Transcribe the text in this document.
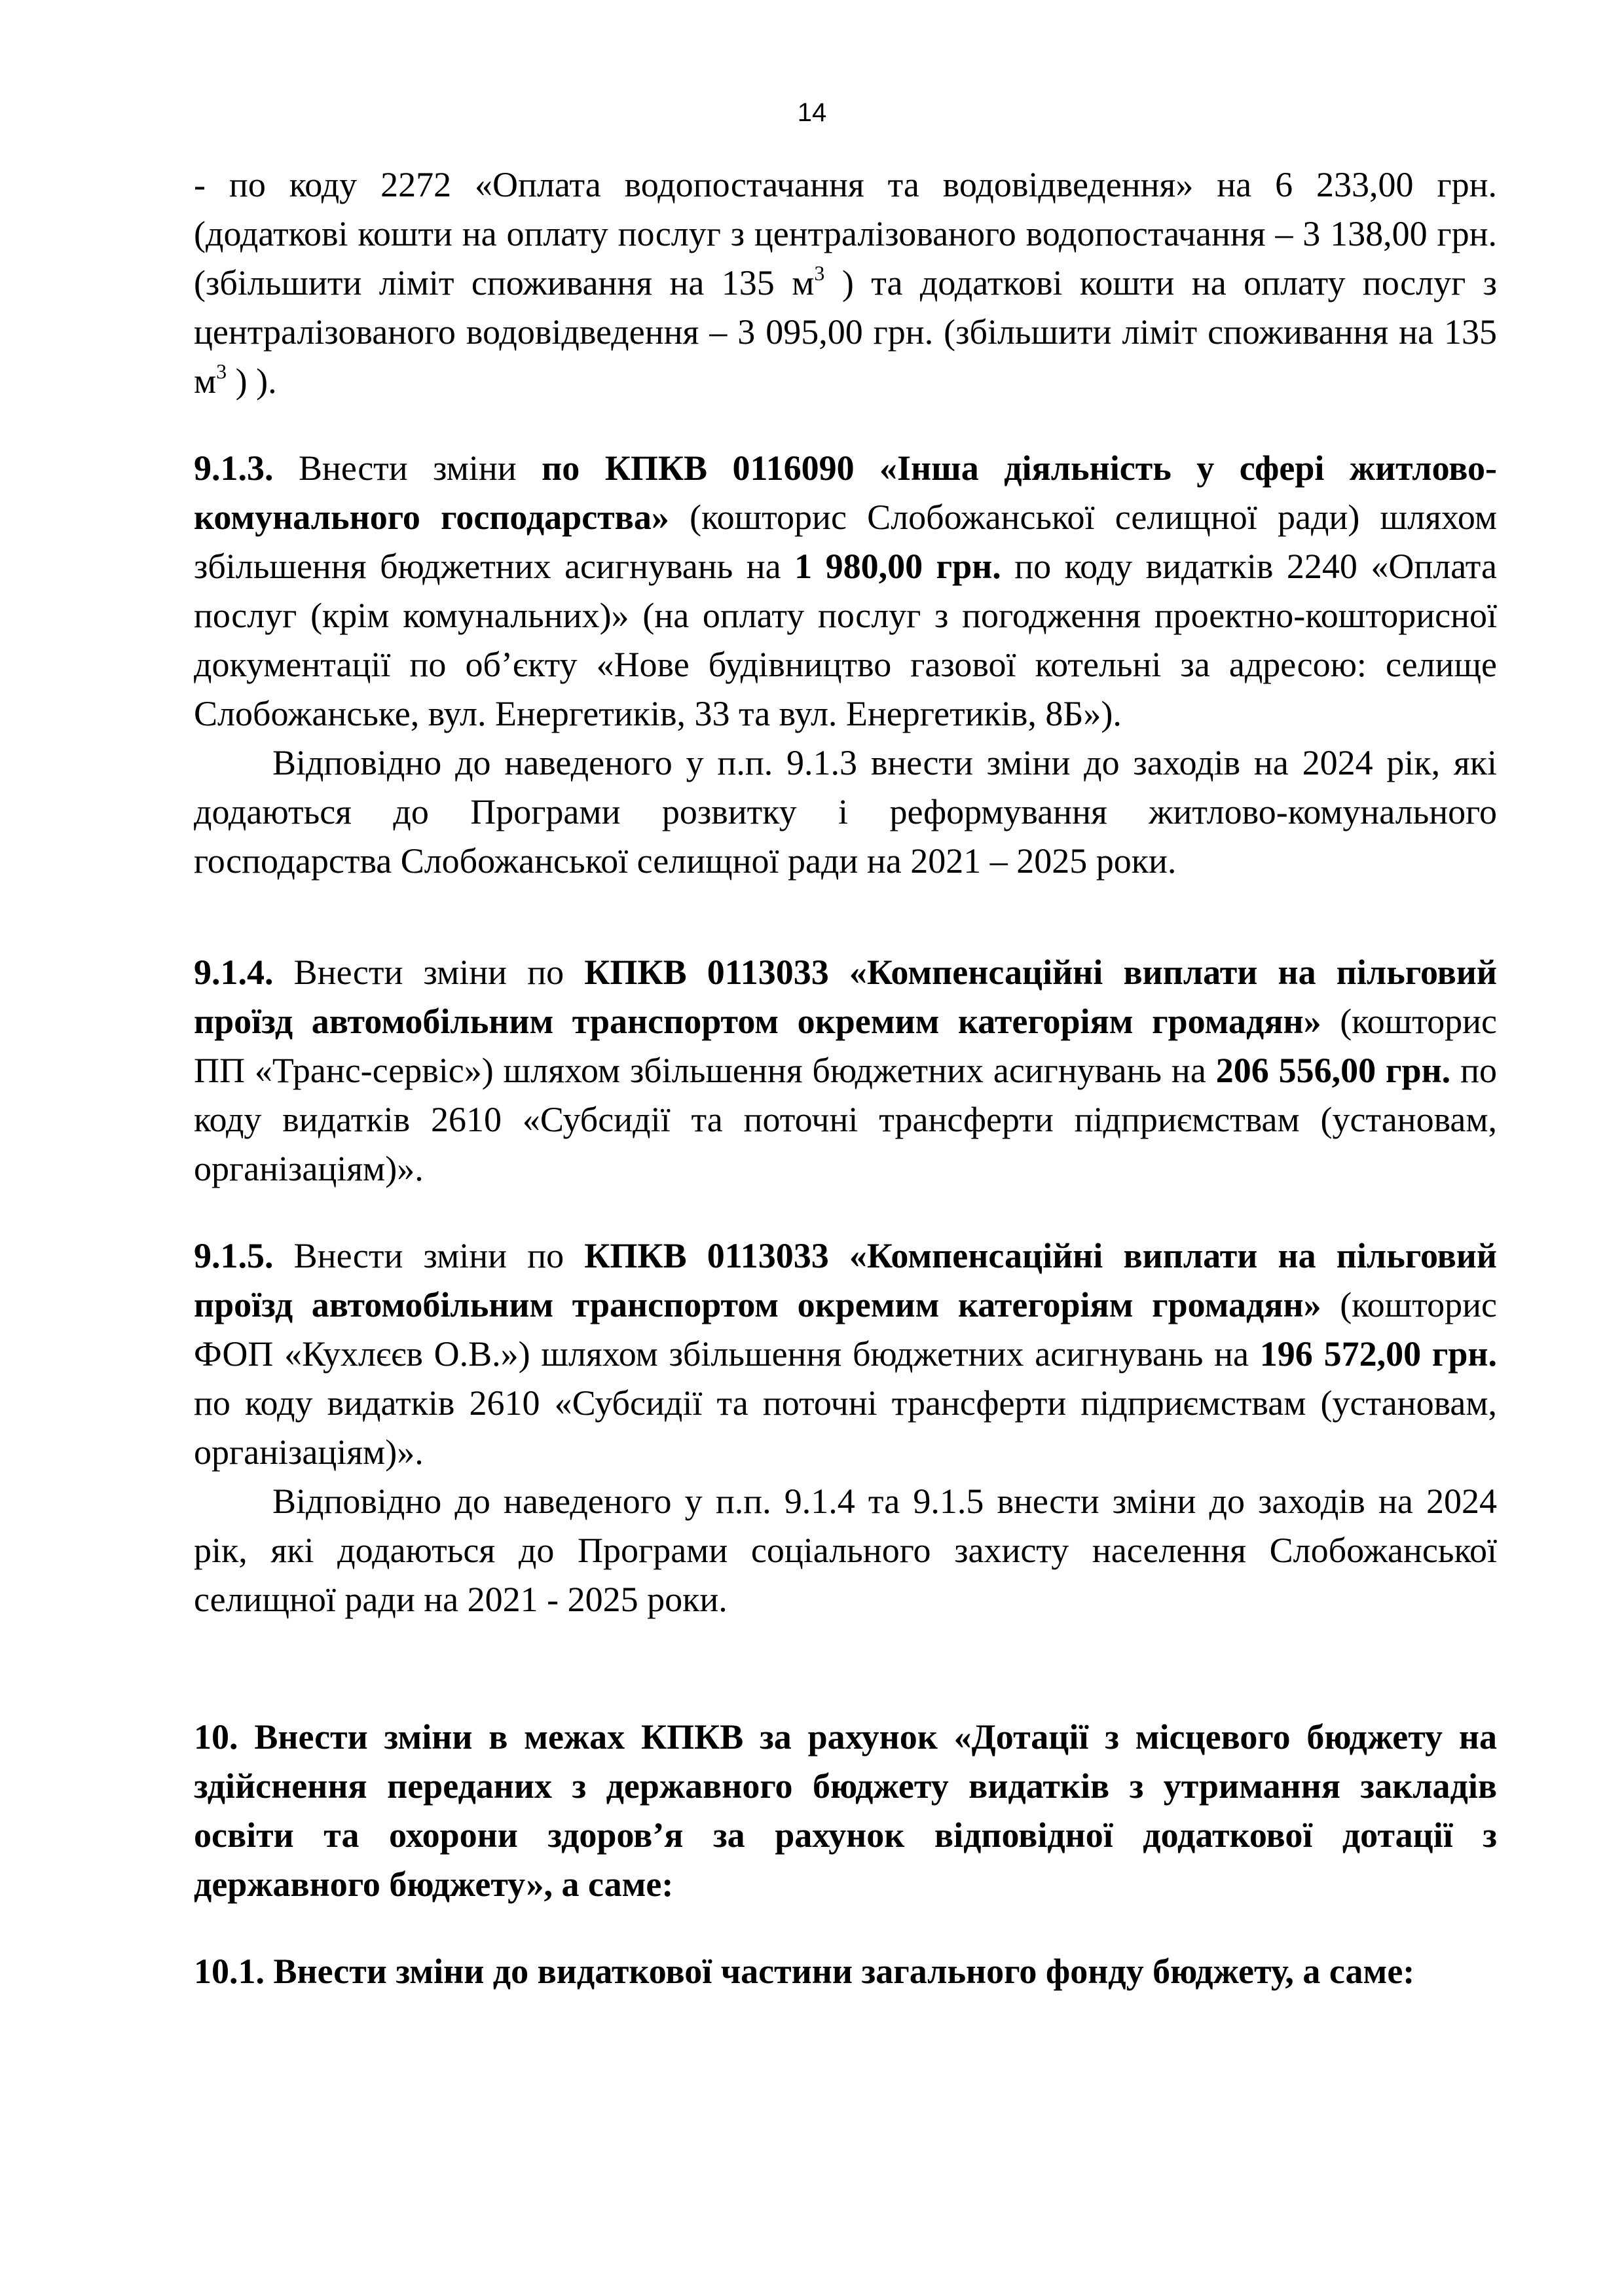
14

- по коду 2272 «Оплата водопостачання та водовідведення» на 6 233,00 грн. (додаткові кошти на оплату послуг з централізованого водопостачання – 3 138,00 грн. (збільшити ліміт споживання на 135 $м^3$ ) та додаткові кошти на оплату послуг з централізованого водовідведення – 3 095,00 грн. (збільшити ліміт споживання на 135 $м^3$ ) ).

9.1.3. Внести зміни по КПКВ 0116090 «Інша діяльність у сфері житлово-комунального господарства» (кошторис Слобожанської селищної ради) шляхом збільшення бюджетних асигнувань на 1 980,00 грн. по коду видатків 2240 «Оплата послуг (крім комунальних)» (на оплату послуг з погодження проектно-кошторисної документації по об’єкту «Нове будівництво газової котельні за адресою: селище Слобожанське, вул. Енергетиків, 33 та вул. Енергетиків, 8Б»).

Відповідно до наведеного у п.п. 9.1.3 внести зміни до заходів на 2024 рік, які додаються до Програми розвитку і реформування житлово-комунального господарства Слобожанської селищної ради на 2021 – 2025 роки.

9.1.4. Внести зміни по КПКВ 0113033 «Компенсаційні виплати на пільговий проїзд автомобільним транспортом окремим категоріям громадян» (кошторис ПП «Транс-сервіс») шляхом збільшення бюджетних асигнувань на 206 556,00 грн. по коду видатків 2610 «Субсидії та поточні трансферти підприємствам (установам, організаціям)».

9.1.5. Внести зміни по КПКВ 0113033 «Компенсаційні виплати на пільговий проїзд автомобільним транспортом окремим категоріям громадян» (кошторис ФОП «Кухлєєв О.В.») шляхом збільшення бюджетних асигнувань на 196 572,00 грн. по коду видатків 2610 «Субсидії та поточні трансферти підприємствам (установам, організаціям)».

Відповідно до наведеного у п.п. 9.1.4 та 9.1.5 внести зміни до заходів на 2024 рік, які додаються до Програми соціального захисту населення Слобожанської селищної ради на 2021 - 2025 роки.

10. Внести зміни в межах КПКВ за рахунок «Дотації з місцевого бюджету на здійснення переданих з державного бюджету видатків з утримання закладів освіти та охорони здоров’я за рахунок відповідної додаткової дотації з державного бюджету», а саме:

10.1. Внести зміни до видаткової частини загального фонду бюджету, а саме:
